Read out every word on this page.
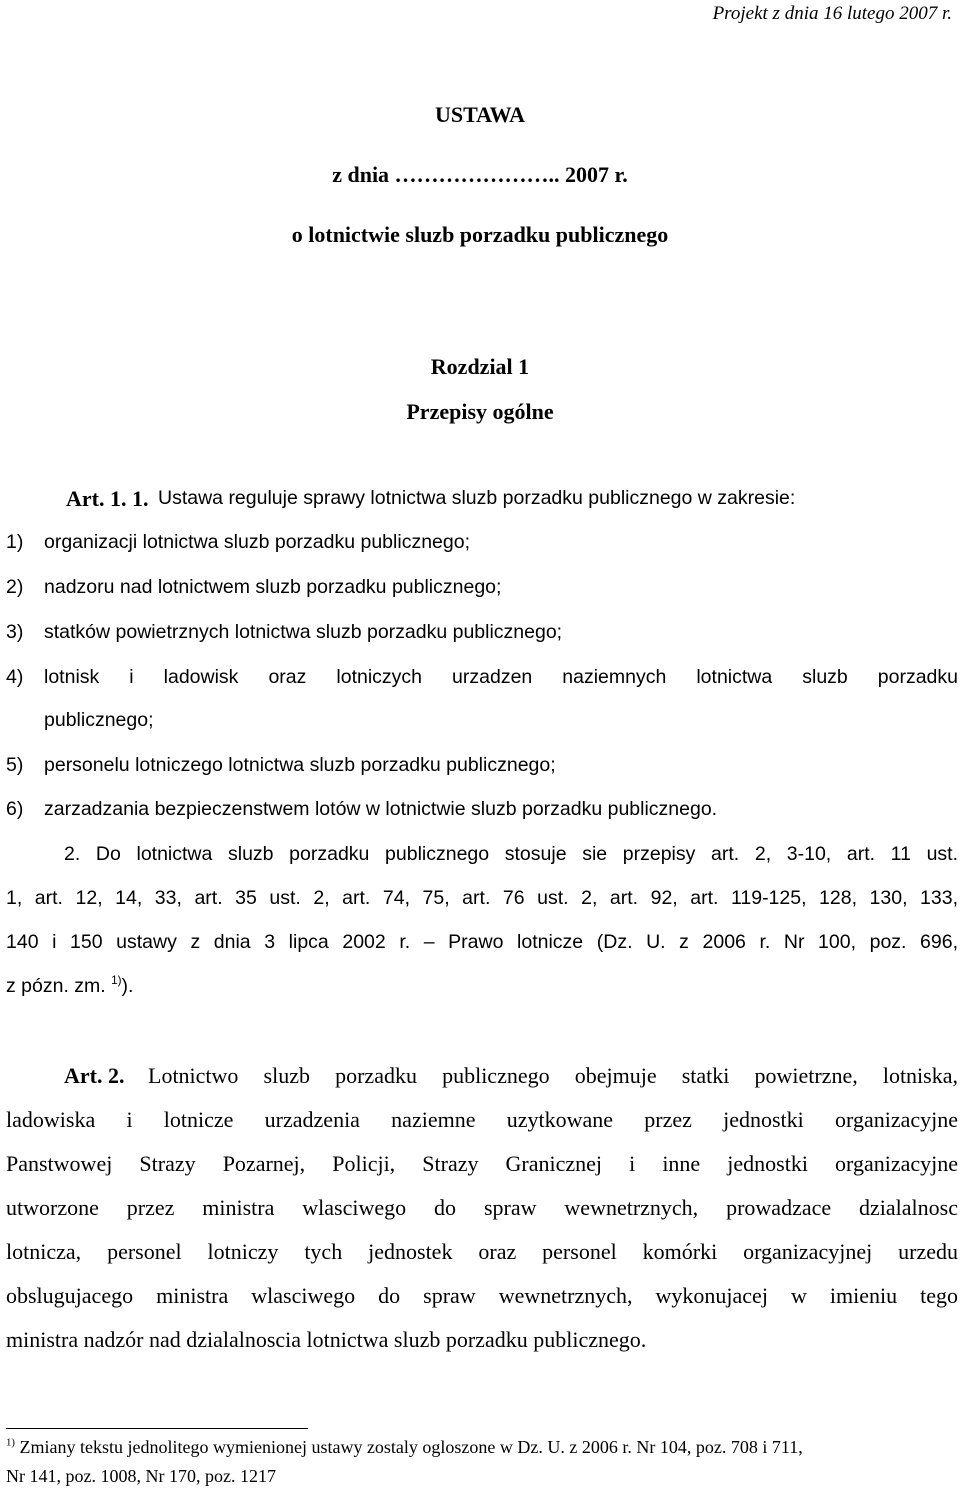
Projekt z dnia 16 lutego 2007 r.
USTAWA
z dnia ………………….. 2007 r.
o lotnictwie sluzb porzadku publicznego
Rozdzial 1
Przepisy ogólne
Art. 1. 1. Ustawa reguluje sprawy lotnictwa sluzb porzadku publicznego w zakresie:
1) organizacji lotnictwa sluzb porzadku publicznego;
2) nadzoru nad lotnictwem sluzb porzadku publicznego;
3) statków powietrznych lotnictwa sluzb porzadku publicznego;
4) lotnisk i ladowisk oraz lotniczych urzadzen naziemnych lotnictwa sluzb porzadku
publicznego;
5) personelu lotniczego lotnictwa sluzb porzadku publicznego;
6) zarzadzania bezpieczenstwem lotów w lotnictwie sluzb porzadku publicznego.
2. Do lotnictwa sluzb porzadku publicznego stosuje sie przepisy art. 2, 3-10, art. 11 ust.
1, art. 12, 14, 33, art. 35 ust. 2, art. 74, 75, art. 76 ust. 2, art. 92, art. 119-125, 128, 130, 133,
140 i 150 ustawy z dnia 3 lipca 2002 r. – Prawo lotnicze (Dz. U. z 2006 r. Nr 100, poz. 696,
z pózn. zm. $^{1)}$).
Art. 2. Lotnictwo sluzb porzadku publicznego obejmuje statki powietrzne, lotniska,
ladowiska i lotnicze urzadzenia naziemne uzytkowane przez jednostki organizacyjne
Panstwowej Strazy Pozarnej, Policji, Strazy Granicznej i inne jednostki organizacyjne
utworzone przez ministra wlasciwego do spraw wewnetrznych, prowadzace dzialalnosc
lotnicza, personel lotniczy tych jednostek oraz personel komórki organizacyjnej urzedu
obslugujacego ministra wlasciwego do spraw wewnetrznych, wykonujacej w imieniu tego
ministra nadzór nad dzialalnoscia lotnictwa sluzb porzadku publicznego.
$^{1)}$ Zmiany tekstu jednolitego wymienionej ustawy zostaly ogloszone w Dz. U. z 2006 r. Nr 104, poz. 708 i 711,
Nr 141, poz. 1008, Nr 170, poz. 1217
